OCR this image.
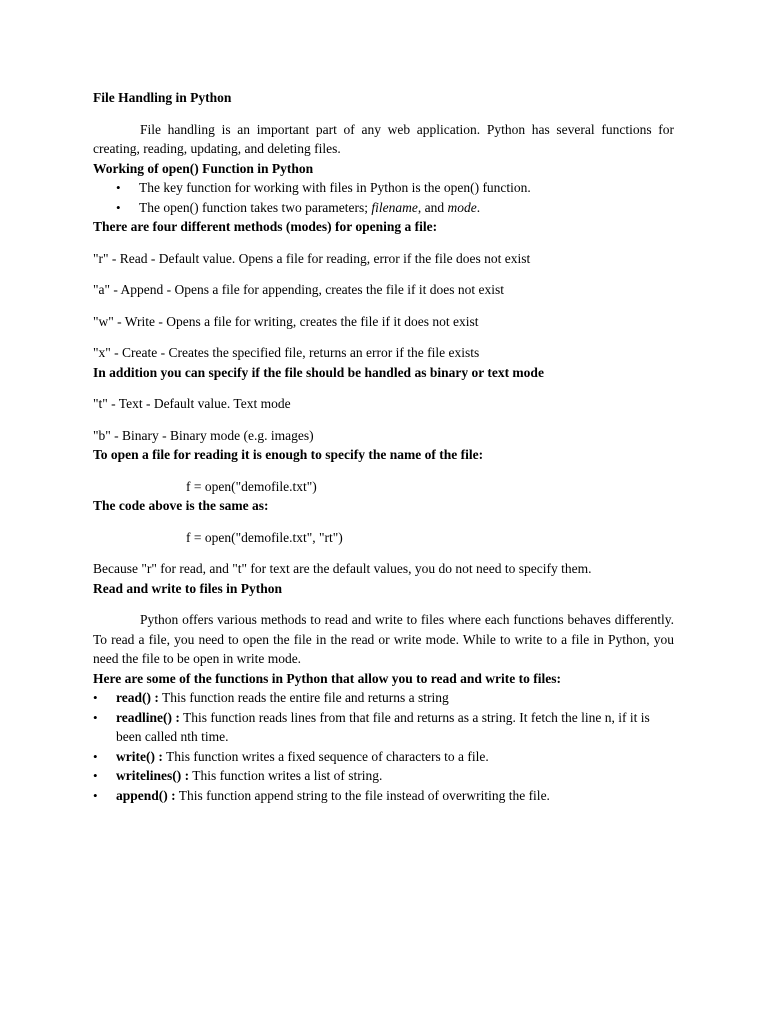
File Handling in Python

File handling is an important part of any web application. Python has several functions for creating, reading, updating, and deleting files.

Working of open() Function in Python
• The key function for working with files in Python is the open() function.
• The open() function takes two parameters; filename, and mode.
There are four different methods (modes) for opening a file:

"r" - Read - Default value. Opens a file for reading, error if the file does not exist

"a" - Append - Opens a file for appending, creates the file if it does not exist

"w" - Write - Opens a file for writing, creates the file if it does not exist

"x" - Create - Creates the specified file, returns an error if the file exists

In addition you can specify if the file should be handled as binary or text mode

"t" - Text - Default value. Text mode

"b" - Binary - Binary mode (e.g. images)

To open a file for reading it is enough to specify the name of the file:

f = open("demofile.txt")

The code above is the same as:

f = open("demofile.txt", "rt")

Because "r" for read, and "t" for text are the default values, you do not need to specify them.

Read and write to files in Python

Python offers various methods to read and write to files where each functions behaves differently. To read a file, you need to open the file in the read or write mode. While to write to a file in Python, you need the file to be open in write mode.

Here are some of the functions in Python that allow you to read and write to files:
• read() : This function reads the entire file and returns a string
• readline() : This function reads lines from that file and returns as a string. It fetch the line n, if it is been called nth time.
• write() : This function writes a fixed sequence of characters to a file.
• writelines() : This function writes a list of string.
• append() : This function append string to the file instead of overwriting the file.
